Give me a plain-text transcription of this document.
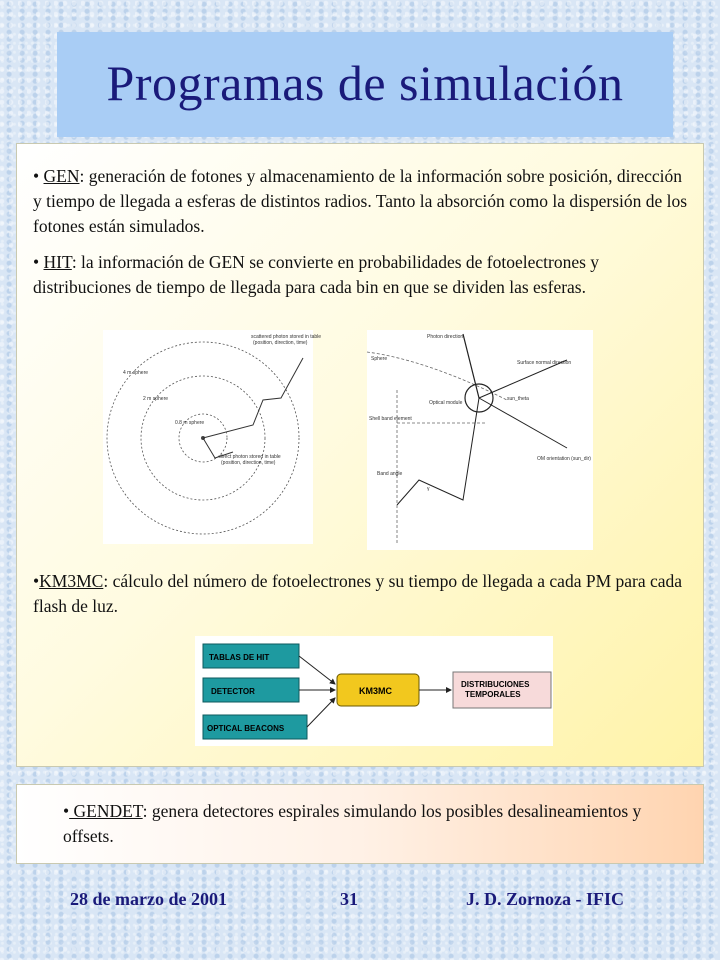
Programas de simulación
• GEN: generación de fotones y almacenamiento de la información sobre posición, dirección y tiempo de llegada a esferas de distintos radios. Tanto la absorción como la dispersión de los fotones están simulados.
• HIT: la información de GEN se convierte en probabilidades de fotoelectrones y distribuciones de tiempo de llegada para cada bin en que se dividen las esferas.
4 m sphere
2 m sphere
0.8 m sphere
scattered photon stored in table
(position, direction, time)
direct photon stored in table
(position, direction, time)
Photon direction
Sphere
Surface normal direction
Optical module
sun_theta
Shell band element
Band angle
OM orientation (sun_dir)
γ
•KM3MC: cálculo del número de fotoelectrones y su tiempo de llegada a cada PM para cada flash de luz.
TABLAS DE HIT
DETECTOR
OPTICAL BEACONS
KM3MC
DISTRIBUCIONES
TEMPORALES
• GENDET: genera detectores espirales simulando los posibles desalineamientos y offsets.
28 de marzo de 2001	31	J. D. Zornoza - IFIC
